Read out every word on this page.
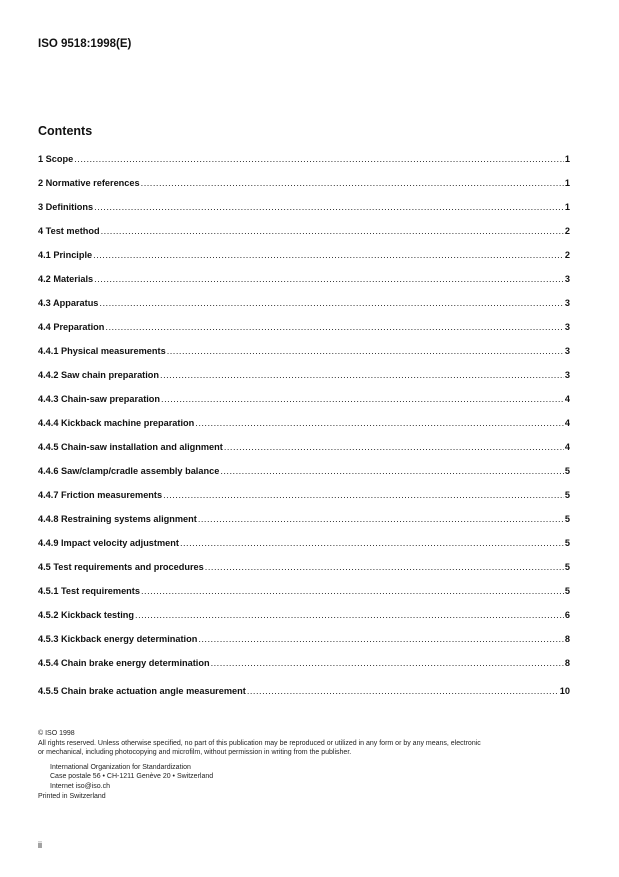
ISO 9518:1998(E)
Contents
1 Scope .....	1
2 Normative references .....	1
3 Definitions .....	1
4 Test method .....	2
4.1 Principle .....	2
4.2 Materials .....	3
4.3 Apparatus .....	3
4.4 Preparation .....	3
4.4.1 Physical measurements .....	3
4.4.2 Saw chain preparation .....	3
4.4.3 Chain-saw preparation .....	4
4.4.4 Kickback machine preparation .....	4
4.4.5 Chain-saw installation and alignment .....	4
4.4.6 Saw/clamp/cradle assembly balance .....	5
4.4.7 Friction measurements .....	5
4.4.8 Restraining systems alignment .....	5
4.4.9 Impact velocity adjustment .....	5
4.5 Test requirements and procedures .....	5
4.5.1 Test requirements .....	5
4.5.2 Kickback testing .....	6
4.5.3 Kickback energy determination .....	8
4.5.4 Chain brake energy determination .....	8
4.5.5 Chain brake actuation angle measurement .....	10
© ISO 1998
All rights reserved. Unless otherwise specified, no part of this publication may be reproduced or utilized in any form or by any means, electronic
or mechanical, including photocopying and microfilm, without permission in writing from the publisher.
International Organization for Standardization
Case postale 56 • CH-1211 Genève 20 • Switzerland
Internet iso@iso.ch
Printed in Switzerland
ii
